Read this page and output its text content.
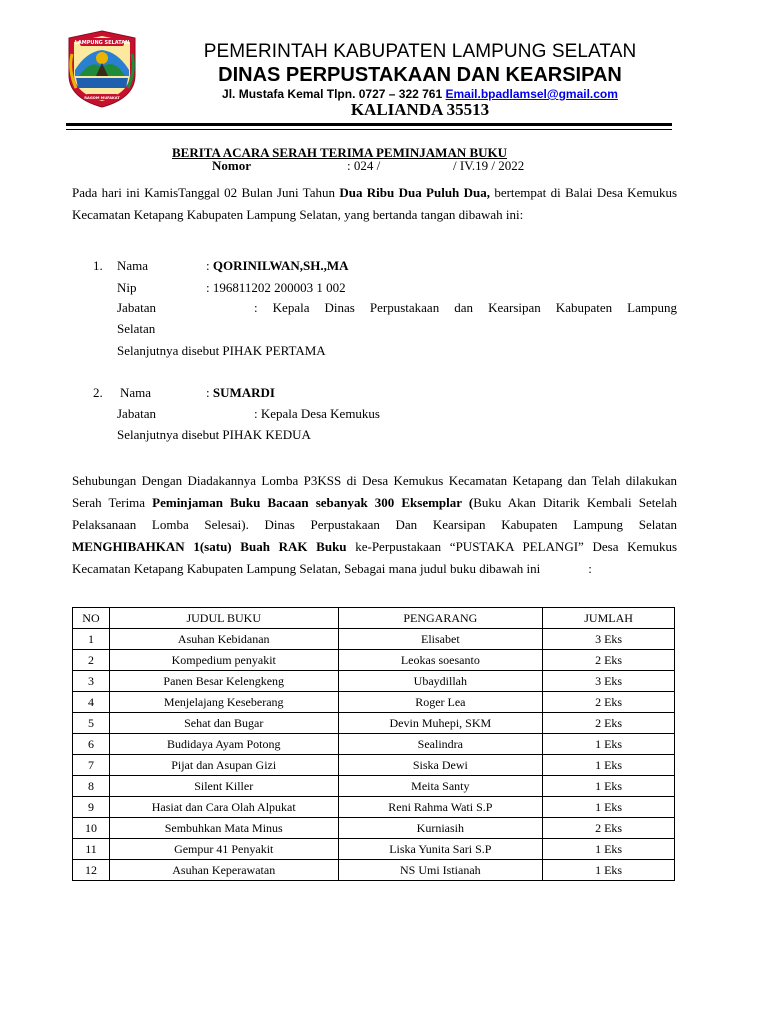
LAMPUNG SELATAN
RAGOM MUFAKAT
PEMERINTAH KABUPATEN LAMPUNG SELATAN
DINAS PERPUSTAKAAN DAN KEARSIPAN
Jl. Mustafa Kemal Tlpn. 0727 – 322 761 Email.bpadlamsel@gmail.com
KALIANDA 35513
BERITA ACARA SERAH TERIMA PEMINJAMAN BUKU
Nomor	: 024 /	/ IV.19 / 2022
Pada hari ini KamisTanggal 02 Bulan Juni Tahun Dua Ribu Dua Puluh Dua, bertempat di Balai Desa Kemukus Kecamatan Ketapang Kabupaten Lampung Selatan, yang bertanda tangan dibawah ini:
1. Nama	: QORINILWAN,SH.,MA
Nip	: 196811202 200003 1 002
Jabatan	: Kepala Dinas Perpustakaan dan Kearsipan Kabupaten Lampung
Selatan
Selanjutnya disebut PIHAK PERTAMA
2. Nama	: SUMARDI
Jabatan	: Kepala Desa Kemukus
Selanjutnya disebut PIHAK KEDUA
Sehubungan Dengan Diadakannya Lomba P3KSS di Desa Kemukus Kecamatan Ketapang dan Telah dilakukan Serah Terima Peminjaman Buku Bacaan sebanyak 300 Eksemplar (Buku Akan Ditarik Kembali Setelah Pelaksanaan Lomba Selesai). Dinas Perpustakaan Dan Kearsipan Kabupaten Lampung Selatan MENGHIBAHKAN 1(satu) Buah RAK Buku ke-Perpustakaan “PUSTAKA PELANGI” Desa Kemukus Kecamatan Ketapang Kabupaten Lampung Selatan, Sebagai mana judul buku dibawah ini	:
NO	JUDUL BUKU	PENGARANG	JUMLAH
1	Asuhan Kebidanan	Elisabet	3 Eks
2	Kompedium penyakit	Leokas soesanto	2 Eks
3	Panen Besar Kelengkeng	Ubaydillah	3 Eks
4	Menjelajang Keseberang	Roger Lea	2 Eks
5	Sehat dan Bugar	Devin Muhepi, SKM	2 Eks
6	Budidaya Ayam Potong	Sealindra	1 Eks
7	Pijat dan Asupan Gizi	Siska Dewi	1 Eks
8	Silent Killer	Meita Santy	1 Eks
9	Hasiat dan Cara Olah Alpukat	Reni Rahma Wati S.P	1 Eks
10	Sembuhkan Mata Minus	Kurniasih	2 Eks
11	Gempur 41 Penyakit	Liska Yunita Sari S.P	1 Eks
12	Asuhan Keperawatan	NS Umi Istianah	1 Eks
